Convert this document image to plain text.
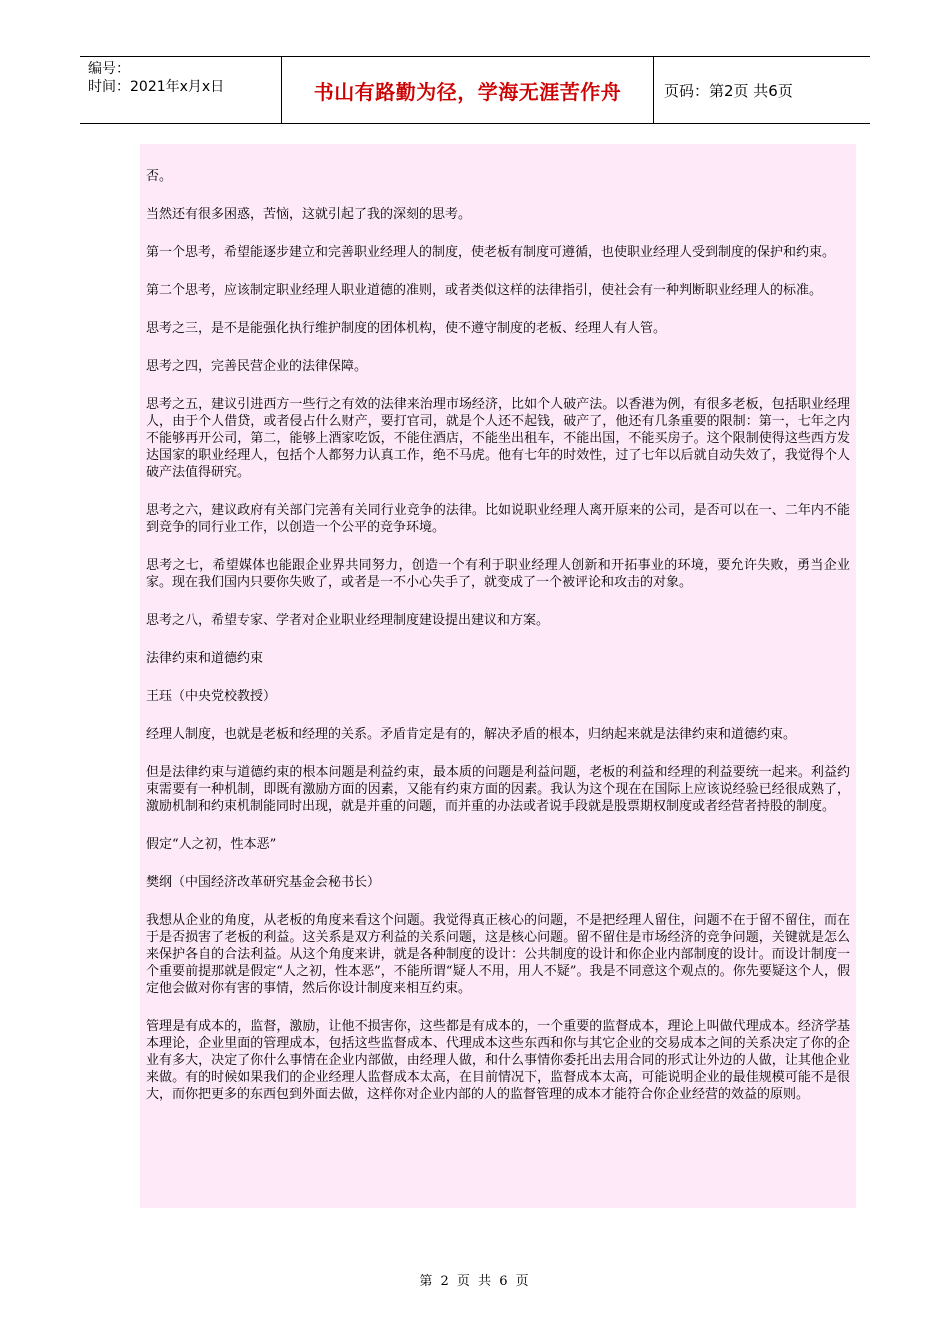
编号：
时间：2021年x月x日	书山有路勤为径，学海无涯苦作舟	页码：第2页 共6页

否。

当然还有很多困惑，苦恼，这就引起了我的深刻的思考。

第一个思考，希望能逐步建立和完善职业经理人的制度，使老板有制度可遵循，也使职业经理人受到制度的保护和约束。

第二个思考，应该制定职业经理人职业道德的准则，或者类似这样的法律指引，使社会有一种判断职业经理人的标准。

思考之三，是不是能强化执行维护制度的团体机构，使不遵守制度的老板、经理人有人管。

思考之四，完善民营企业的法律保障。

思考之五，建议引进西方一些行之有效的法律来治理市场经济，比如个人破产法。以香港为例，有很多老板，包括职业经理人，由于个人借贷，或者侵占什么财产，要打官司，就是个人还不起钱，破产了，他还有几条重要的限制：第一，七年之内不能够再开公司，第二，能够上酒家吃饭，不能住酒店，不能坐出租车，不能出国，不能买房子。这个限制使得这些西方发达国家的职业经理人，包括个人都努力认真工作，绝不马虎。他有七年的时效性，过了七年以后就自动失效了，我觉得个人破产法值得研究。

思考之六，建议政府有关部门完善有关同行业竞争的法律。比如说职业经理人离开原来的公司，是否可以在一、二年内不能到竞争的同行业工作，以创造一个公平的竞争环境。

思考之七，希望媒体也能跟企业界共同努力，创造一个有利于职业经理人创新和开拓事业的环境，要允许失败，勇当企业家。现在我们国内只要你失败了，或者是一不小心失手了，就变成了一个被评论和攻击的对象。

思考之八，希望专家、学者对企业职业经理制度建设提出建议和方案。

法律约束和道德约束

王珏（中央党校教授）

经理人制度，也就是老板和经理的关系。矛盾肯定是有的，解决矛盾的根本，归纳起来就是法律约束和道德约束。

但是法律约束与道德约束的根本问题是利益约束，最本质的问题是利益问题，老板的利益和经理的利益要统一起来。利益约束需要有一种机制，即既有激励方面的因素，又能有约束方面的因素。我认为这个现在在国际上应该说经验已经很成熟了，激励机制和约束机制能同时出现，就是并重的问题，而并重的办法或者说手段就是股票期权制度或者经营者持股的制度。

假定“人之初，性本恶”

樊纲（中国经济改革研究基金会秘书长）

我想从企业的角度，从老板的角度来看这个问题。我觉得真正核心的问题，不是把经理人留住，问题不在于留不留住，而在于是否损害了老板的利益。这关系是双方利益的关系问题，这是核心问题。留不留住是市场经济的竞争问题，关键就是怎么来保护各自的合法利益。从这个角度来讲，就是各种制度的设计：公共制度的设计和你企业内部制度的设计。而设计制度一个重要前提那就是假定“人之初，性本恶”，不能所谓“疑人不用，用人不疑”。我是不同意这个观点的。你先要疑这个人，假定他会做对你有害的事情，然后你设计制度来相互约束。

管理是有成本的，监督，激励，让他不损害你，这些都是有成本的，一个重要的监督成本，理论上叫做代理成本。经济学基本理论，企业里面的管理成本，包括这些监督成本、代理成本这些东西和你与其它企业的交易成本之间的关系决定了你的企业有多大，决定了你什么事情在企业内部做，由经理人做，和什么事情你委托出去用合同的形式让外边的人做，让其他企业来做。有的时候如果我们的企业经理人监督成本太高，在目前情况下，监督成本太高，可能说明企业的最佳规模可能不是很大，而你把更多的东西包到外面去做，这样你对企业内部的人的监督管理的成本才能符合你企业经营的效益的原则。

第 2 页 共 6 页
